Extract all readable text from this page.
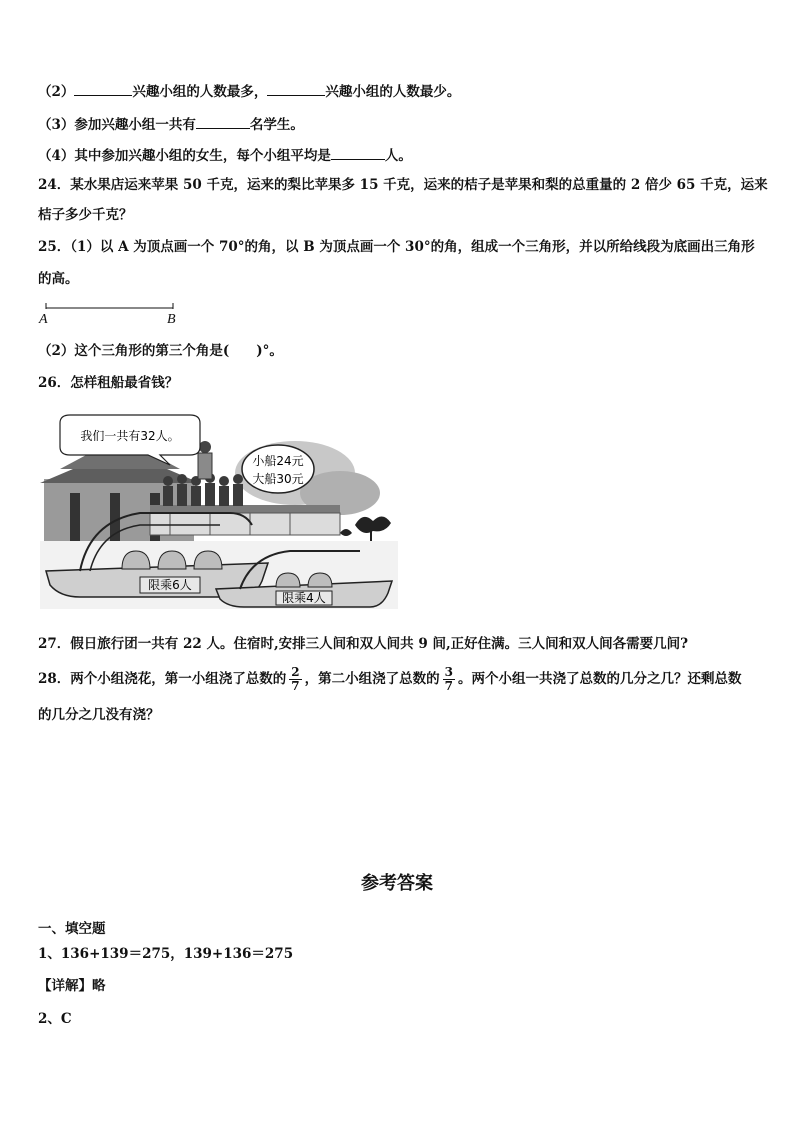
（2）	兴趣小组的人数最多，	兴趣小组的人数最少。
（3）参加兴趣小组一共有	名学生。
（4）其中参加兴趣小组的女生，每个小组平均是	人。
24．某水果店运来苹果 50 千克，运来的梨比苹果多 15 千克，运来的桔子是苹果和梨的总重量的 2 倍少 65 千克，运来
桔子多少千克？
25．（1）以 A 为顶点画一个 70°的角，以 B 为顶点画一个 30°的角，组成一个三角形，并以所给线段为底画出三角形
的高。
A	B
（2）这个三角形的第三个角是(　　)°。
26．怎样租船最省钱？
限乘6人
限乘4人
我们一共有32人。
小船24元
大船30元
27．假日旅行团一共有 22 人。住宿时,安排三人间和双人间共 9 间,正好住满。三人间和双人间各需要几间?
28．两个小组浇花，第一小组浇了总数的 $\frac{2}{7}$ ，第二小组浇了总数的 $\frac{3}{7}$ 。两个小组一共浇了总数的几分之几？还剩总数
的几分之几没有浇？
参考答案
一、填空题
1、136+139＝275，139+136＝275
【详解】略
2、C
